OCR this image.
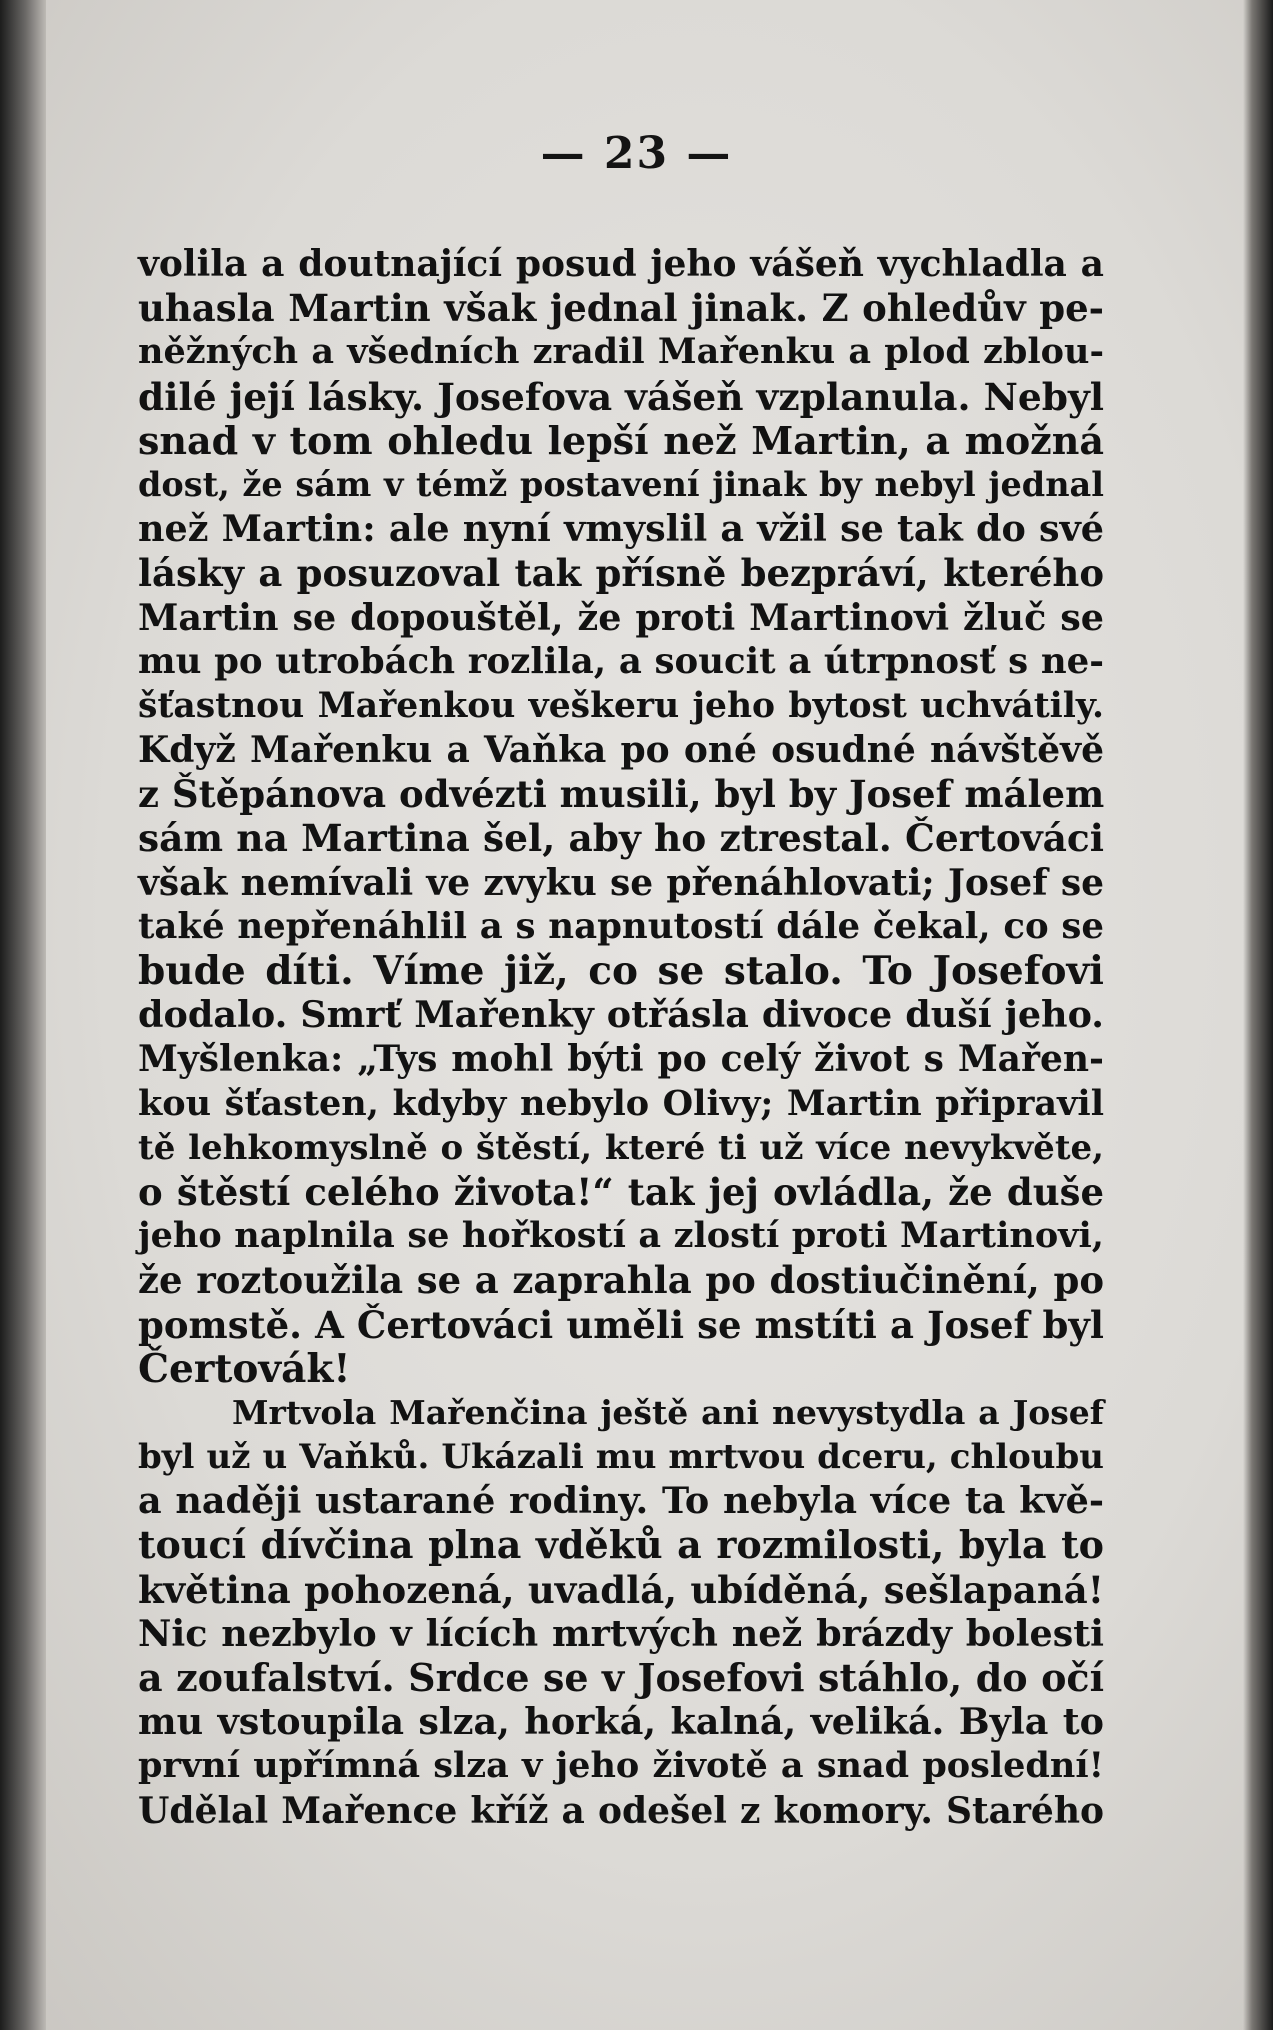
— 23 —
volila a doutnající posud jeho vášeň vychladla a
uhasla Martin však jednal jinak. Z ohledův pe-
něžných a všedních zradil Mařenku a plod zblou-
dilé její lásky. Josefova vášeň vzplanula. Nebyl
snad v tom ohledu lepší než Martin, a možná
dost, že sám v témž postavení jinak by nebyl jednal
než Martin: ale nyní vmyslil a vžil se tak do své
lásky a posuzoval tak přísně bezpráví, kterého
Martin se dopouštěl, že proti Martinovi žluč se
mu po utrobách rozlila, a soucit a útrpnosť s ne-
šťastnou Mařenkou veškeru jeho bytost uchvátily.
Když Mařenku a Vaňka po oné osudné návštěvě
z Štěpánova odvézti musili, byl by Josef málem
sám na Martina šel, aby ho ztrestal. Čertováci
však nemívali ve zvyku se přenáhlovati; Josef se
také nepřenáhlil a s napnutostí dále čekal, co se
bude díti. Víme již, co se stalo. To Josefovi
dodalo. Smrť Mařenky otřásla divoce duší jeho.
Myšlenka: „Tys mohl býti po celý život s Mařen-
kou šťasten, kdyby nebylo Olivy; Martin připravil
tě lehkomyslně o štěstí, které ti už více nevykvěte,
o štěstí celého života!“ tak jej ovládla, že duše
jeho naplnila se hořkostí a zlostí proti Martinovi,
že roztoužila se a zaprahla po dostiučinění, po
pomstě. A Čertováci uměli se mstíti a Josef byl
Čertovák!
Mrtvola Mařenčina ještě ani nevystydla a Josef
byl už u Vaňků. Ukázali mu mrtvou dceru, chloubu
a naději ustarané rodiny. To nebyla více ta kvě-
toucí dívčina plna vděků a rozmilosti, byla to
květina pohozená, uvadlá, ubíděná, sešlapaná!
Nic nezbylo v lících mrtvých než brázdy bolesti
a zoufalství. Srdce se v Josefovi stáhlo, do očí
mu vstoupila slza, horká, kalná, veliká. Byla to
první upřímná slza v jeho životě a snad poslední!
Udělal Mařence kříž a odešel z komory. Starého
